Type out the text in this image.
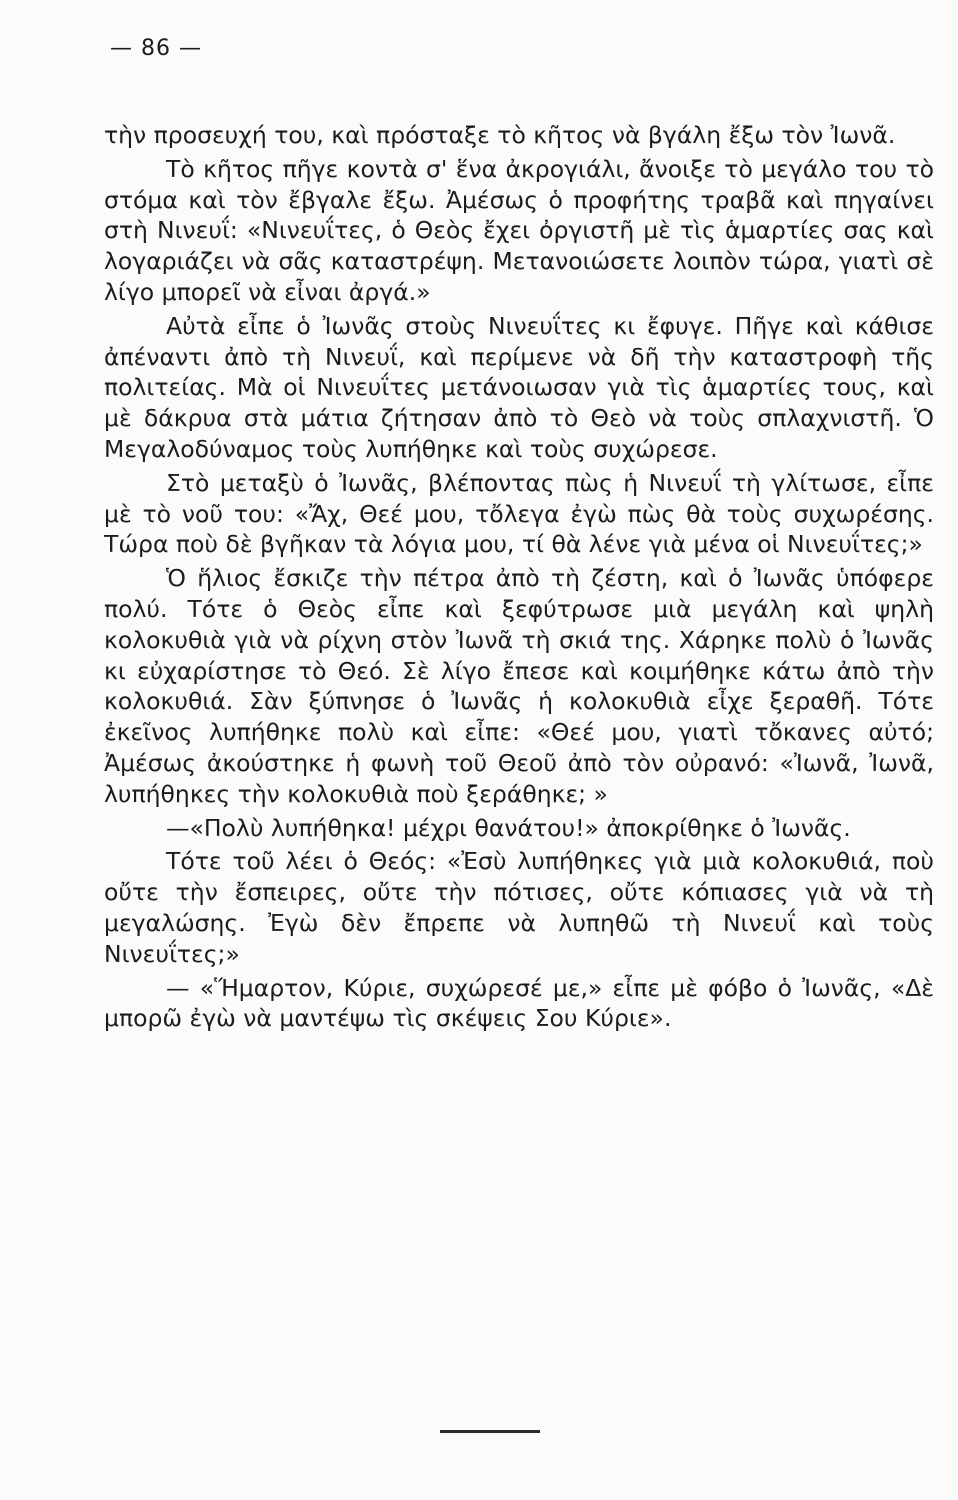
— 86 —

τὴν προσευχή του, καὶ πρόσταξε τὸ κῆτος νὰ βγάλη ἔξω τὸν Ἰωνᾶ.

Τὸ κῆτος πῆγε κοντὰ σ' ἕνα ἀκρογιάλι, ἄνοιξε τὸ μεγάλο του τὸ στόμα καὶ τὸν ἔβγαλε ἔξω. Ἀμέσως ὁ προφήτης τραβᾶ καὶ πηγαίνει στὴ Νινευΐ: «Νινευΐτες, ὁ Θεὸς ἔχει ὀργιστῆ μὲ τὶς ἁμαρτίες σας καὶ λογαριάζει νὰ σᾶς καταστρέψη. Μετανοιώσετε λοιπὸν τώρα, γιατὶ σὲ λίγο μπορεῖ νὰ εἶναι ἀργά.»

Αὐτὰ εἶπε ὁ Ἰωνᾶς στοὺς Νινευΐτες κι ἔφυγε. Πῆγε καὶ κάθισε ἀπέναντι ἀπὸ τὴ Νινευΐ, καὶ περίμενε νὰ δῆ τὴν καταστροφὴ τῆς πολιτείας. Μὰ οἱ Νινευΐτες μετάνοιωσαν γιὰ τὶς ἁμαρτίες τους, καὶ μὲ δάκρυα στὰ μάτια ζήτησαν ἀπὸ τὸ Θεὸ νὰ τοὺς σπλαχνιστῆ. Ὁ Μεγαλοδύναμος τοὺς λυπήθηκε καὶ τοὺς συχώρεσε.

Στὸ μεταξὺ ὁ Ἰωνᾶς, βλέποντας πὼς ἡ Νινευΐ τὴ γλίτωσε, εἶπε μὲ τὸ νοῦ του: «Ἄχ, Θεέ μου, τὄλεγα ἐγὼ πὼς θὰ τοὺς συχωρέσης. Τώρα ποὺ δὲ βγῆκαν τὰ λόγια μου, τί θὰ λένε γιὰ μένα οἱ Νινευΐτες;»

Ὁ ἥλιος ἔσκιζε τὴν πέτρα ἀπὸ τὴ ζέστη, καὶ ὁ Ἰωνᾶς ὑπόφερε πολύ. Τότε ὁ Θεὸς εἶπε καὶ ξεφύτρωσε μιὰ μεγάλη καὶ ψηλὴ κολοκυθιὰ γιὰ νὰ ρίχνη στὸν Ἰωνᾶ τὴ σκιά της. Χάρηκε πολὺ ὁ Ἰωνᾶς κι εὐχαρίστησε τὸ Θεό. Σὲ λίγο ἔπεσε καὶ κοιμήθηκε κάτω ἀπὸ τὴν κολοκυθιά. Σὰν ξύπνησε ὁ Ἰωνᾶς ἡ κολοκυθιὰ εἶχε ξεραθῆ. Τότε ἐκεῖνος λυπήθηκε πολὺ καὶ εἶπε: «Θεέ μου, γιατὶ τὄκανες αὐτό; Ἀμέσως ἀκούστηκε ἡ φωνὴ τοῦ Θεοῦ ἀπὸ τὸν οὐρανό: «Ἰωνᾶ, Ἰωνᾶ, λυπήθηκες τὴν κολοκυθιὰ ποὺ ξεράθηκε; »

—«Πολὺ λυπήθηκα! μέχρι θανάτου!» ἀποκρίθηκε ὁ Ἰωνᾶς.

Τότε τοῦ λέει ὁ Θεός: «Ἐσὺ λυπήθηκες γιὰ μιὰ κολοκυθιά, ποὺ οὔτε τὴν ἔσπειρες, οὔτε τὴν πότισες, οὔτε κόπιασες γιὰ νὰ τὴ μεγαλώσης. Ἐγὼ δὲν ἔπρεπε νὰ λυπηθῶ τὴ Νινευΐ καὶ τοὺς Νινευΐτες;»

— «Ἥμαρτον, Κύριε, συχώρεσέ με,» εἶπε μὲ φόβο ὁ Ἰωνᾶς, «Δὲ μπορῶ ἐγὼ νὰ μαντέψω τὶς σκέψεις Σου Κύριε».
